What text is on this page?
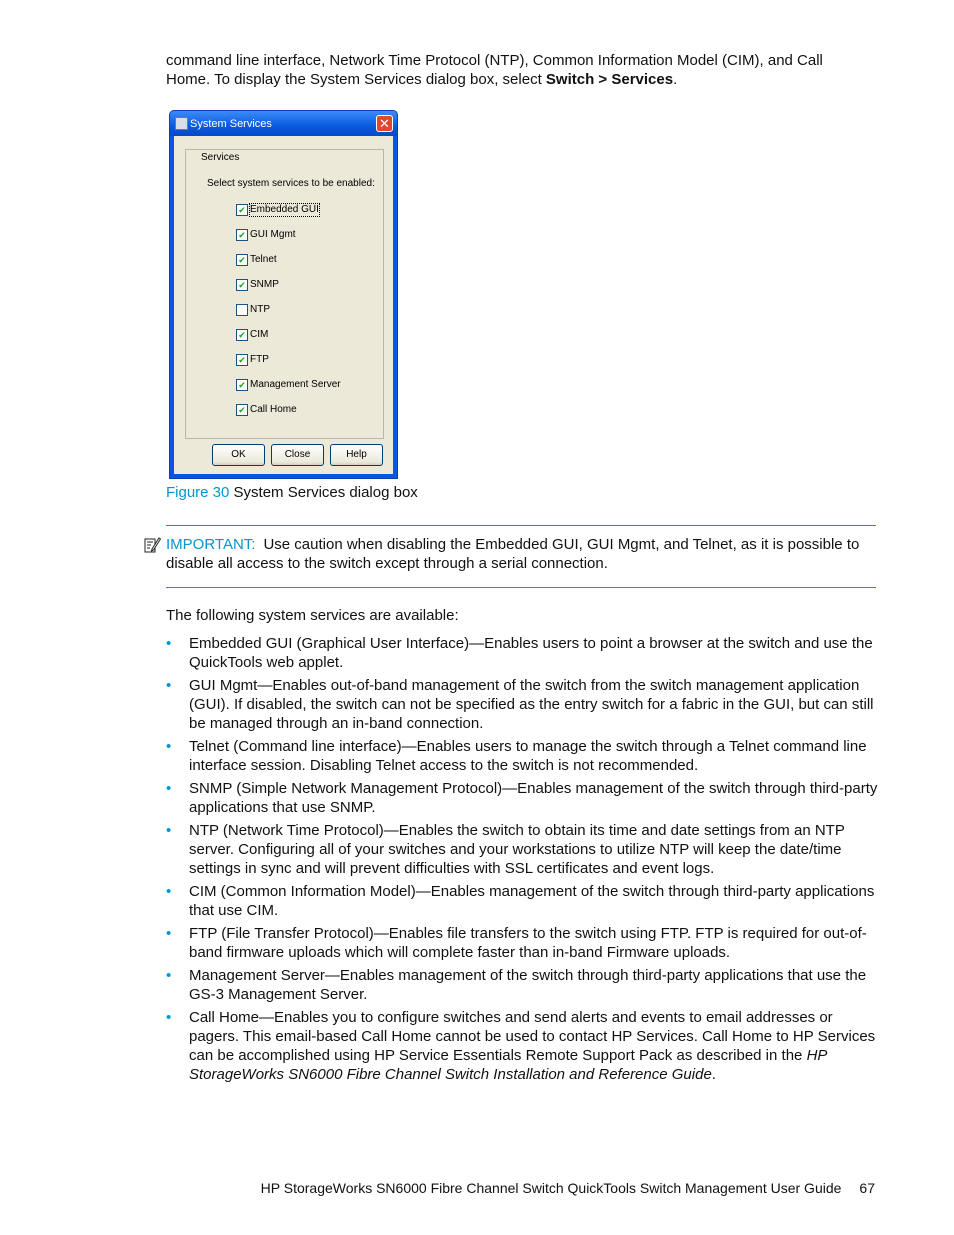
command line interface, Network Time Protocol (NTP), Common Information Model (CIM), and Call Home. To display the System Services dialog box, select Switch > Services.
System Services	✕
Services
Select system services to be enabled:
✔ Embedded GUI
✔ GUI Mgmt
✔ Telnet
✔ SNMP
NTP
✔ CIM
✔ FTP
✔ Management Server
✔ Call Home
OK	Close	Help
Figure 30 System Services dialog box
IMPORTANT: Use caution when disabling the Embedded GUI, GUI Mgmt, and Telnet, as it is possible to disable all access to the switch except through a serial connection.
The following system services are available:
• Embedded GUI (Graphical User Interface)—Enables users to point a browser at the switch and use the QuickTools web applet.
• GUI Mgmt—Enables out-of-band management of the switch from the switch management application (GUI). If disabled, the switch can not be specified as the entry switch for a fabric in the GUI, but can still be managed through an in-band connection.
• Telnet (Command line interface)—Enables users to manage the switch through a Telnet command line interface session. Disabling Telnet access to the switch is not recommended.
• SNMP (Simple Network Management Protocol)—Enables management of the switch through third-party applications that use SNMP.
• NTP (Network Time Protocol)—Enables the switch to obtain its time and date settings from an NTP server. Configuring all of your switches and your workstations to utilize NTP will keep the date/time settings in sync and will prevent difficulties with SSL certificates and event logs.
• CIM (Common Information Model)—Enables management of the switch through third-party applications that use CIM.
• FTP (File Transfer Protocol)—Enables file transfers to the switch using FTP. FTP is required for out-of-band firmware uploads which will complete faster than in-band Firmware uploads.
• Management Server—Enables management of the switch through third-party applications that use the GS-3 Management Server.
• Call Home—Enables you to configure switches and send alerts and events to email addresses or pagers. This email-based Call Home cannot be used to contact HP Services. Call Home to HP Services can be accomplished using HP Service Essentials Remote Support Pack as described in the HP StorageWorks SN6000 Fibre Channel Switch Installation and Reference Guide.
HP StorageWorks SN6000 Fibre Channel Switch QuickTools Switch Management User Guide 67
